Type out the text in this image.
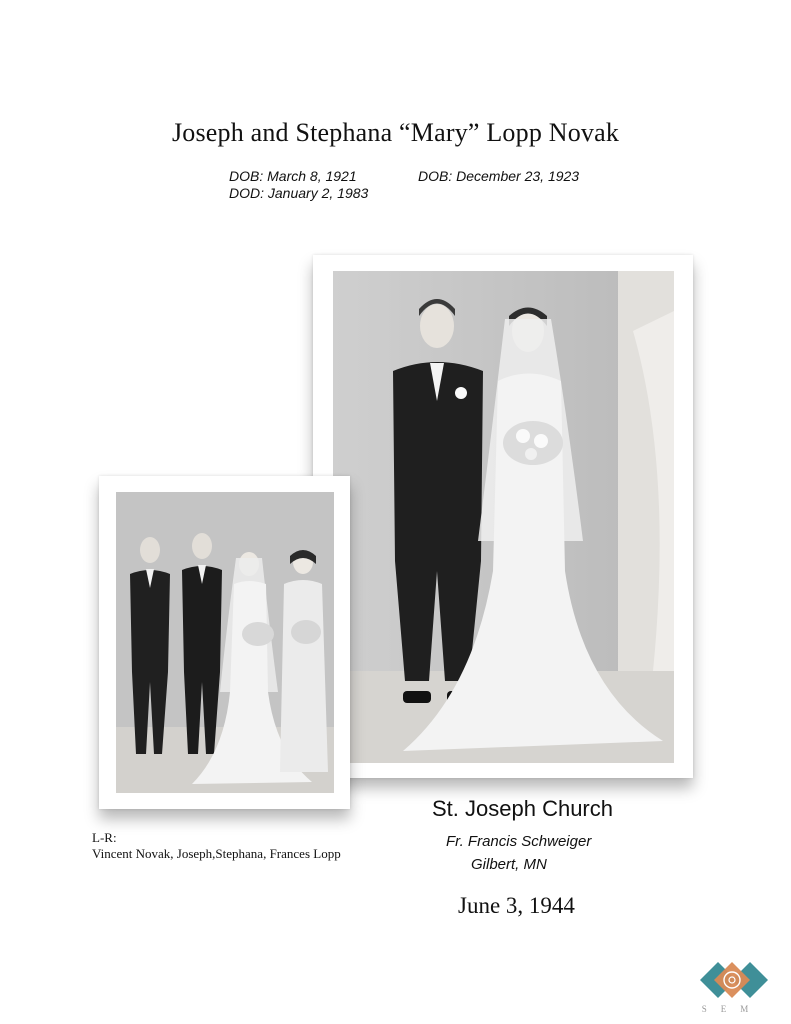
Joseph and Stephana “Mary” Lopp Novak
DOB: March 8, 1921
DOD: January 2, 1983
DOB: December 23, 1923
L-R:
Vincent Novak, Joseph,Stephana, Frances Lopp
St. Joseph Church
Fr. Francis Schweiger
Gilbert, MN
June 3, 1944
SEM
